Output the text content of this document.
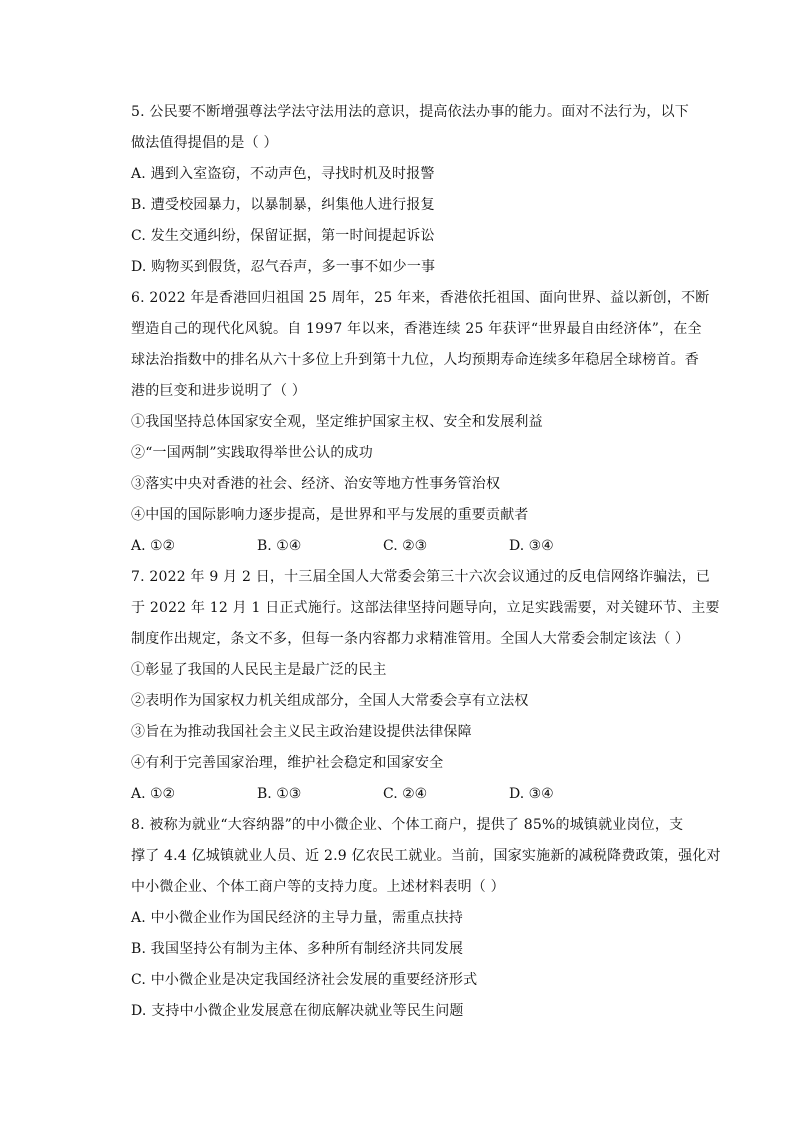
5. 公民要不断增强尊法学法守法用法的意识，提高依法办事的能力。面对不法行为，以下
做法值得提倡的是（ ）
A. 遇到入室盗窃，不动声色，寻找时机及时报警
B. 遭受校园暴力，以暴制暴，纠集他人进行报复
C. 发生交通纠纷，保留证据，第一时间提起诉讼
D. 购物买到假货，忍气吞声，多一事不如少一事
6. 2022 年是香港回归祖国 25 周年，25 年来，香港依托祖国、面向世界、益以新创，不断
塑造自己的现代化风貌。自 1997 年以来，香港连续 25 年获评“世界最自由经济体”，在全
球法治指数中的排名从六十多位上升到第十九位，人均预期寿命连续多年稳居全球榜首。香
港的巨变和进步说明了（ ）
①我国坚持总体国家安全观，坚定维护国家主权、安全和发展利益
②“一国两制”实践取得举世公认的成功
③落实中央对香港的社会、经济、治安等地方性事务管治权
④中国的国际影响力逐步提高，是世界和平与发展的重要贡献者
A. ①②	B. ①④	C. ②③	D. ③④
7. 2022 年 9 月 2 日，十三届全国人大常委会第三十六次会议通过的反电信网络诈骗法，已
于 2022 年 12 月 1 日正式施行。这部法律坚持问题导向，立足实践需要，对关键环节、主要
制度作出规定，条文不多，但每一条内容都力求精准管用。全国人大常委会制定该法（ ）
①彰显了我国的人民民主是最广泛的民主
②表明作为国家权力机关组成部分，全国人大常委会享有立法权
③旨在为推动我国社会主义民主政治建设提供法律保障
④有利于完善国家治理，维护社会稳定和国家安全
A. ①②	B. ①③	C. ②④	D. ③④
8. 被称为就业“大容纳器”的中小微企业、个体工商户，提供了 85%的城镇就业岗位，支
撑了 4.4 亿城镇就业人员、近 2.9 亿农民工就业。当前，国家实施新的减税降费政策，强化对
中小微企业、个体工商户等的支持力度。上述材料表明（ ）
A. 中小微企业作为国民经济的主导力量，需重点扶持
B. 我国坚持公有制为主体、多种所有制经济共同发展
C. 中小微企业是决定我国经济社会发展的重要经济形式
D. 支持中小微企业发展意在彻底解决就业等民生问题
